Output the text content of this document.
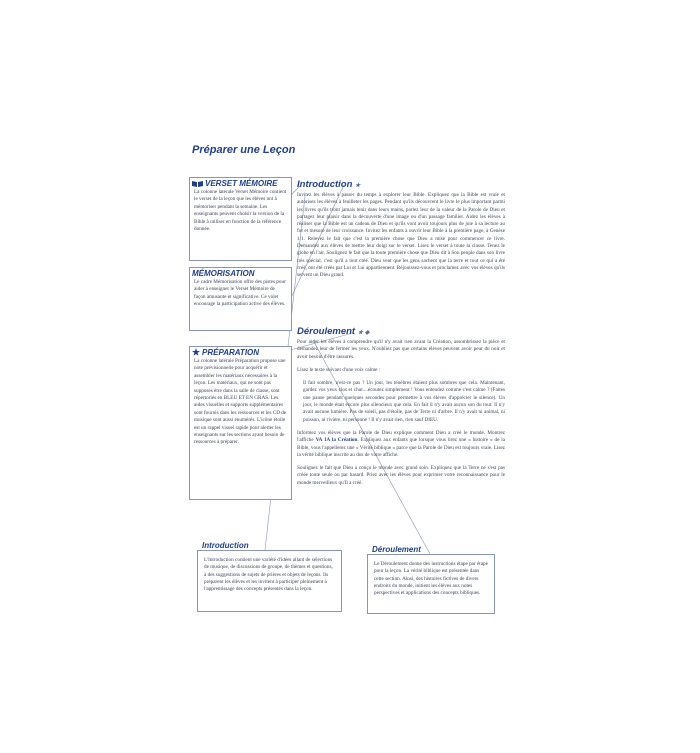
Préparer une Leçon
VERSET MÉMOIRE
La colonne latérale Verset Mémoire contient le verset de la leçon que les élèves ont à mémoriser pendant la semaine. Les enseignants peuvent choisir la version de la Bible à utiliser en fonction de la référence donnée.
MÉMORISATION
Le cadre Mémorisation offre des pistes pour aider à enseigner le Verset Mémoire de façon amusante et significative. Ce volet encourage la participation active des élèves.
PRÉPARATION
La colonne latérale Préparation propose une note prévisionnelle pour acquérir et assembler les matériaux nécessaires à la leçon. Les matériaux, qui ne sont pas supposés être dans la salle de classe, sont répertoriés en BLEU ET EN GRAS. Les aides visuelles et supports supplémentaires sont fournis dans les ressources et les CD de musique sont aussi énumérés. L'icône étoile est un rappel visuel rapide pour alerter les enseignants sur les sections ayant besoin de ressources à préparer.
Introduction ★
Invitez les élèves à passer du temps à explorer leur Bible. Expliquez que la Bible est vraie et autorisez les élèves à feuilleter les pages. Pendant qu'ils découvrent le livre le plus important parmi les livres qu'ils tront jamais tenir dans leurs mains, parlez leur de la valeur de la Parole de Dieu et partagez leur plaisir dans la découverte d'une image ou d'un passage familier. Aidez les élèves à réaliser que la Bible est un cadeau de Dieu et qu'ils vont avoir toujours plus de joie à sa lecture au fur et mesure de leur croissance. Invitez les enfants à ouvrir leur Bible à la première page, à Genèse 1:1. Relevez le fait que c'est la première chose que Dieu a mise pour commencer ce livre. Demandez aux élèves de mettre leur doigt sur le verset. Lisez le verset à toute la classe. Tenez le globe en l'air. Soulignez le fait que la toute première chose que Dieu dit à Son peuple dans son livre très spécial, c'est qu'il a tout créé. Dieu veut que les gens sachent que la terre et tout ce qui a été créé, ont été créés par Lui et Lui appartiennent. Réjouissez-vous et proclamez avec vos élèves qu'ils servent un Dieu grand.
Déroulement ★ ◆

Pour aider les élèves à comprendre qu'il n'y avait rien avant la Création, assombrissez la pièce et demandez leur de fermer les yeux. N'oubliez pas que certains élèves peuvent avoir peur du noir et avoir besoin d'être rassurés.

Lisez le texte suivant d'une voix calme :

Il fait sombre, n'est-ce pas ? Un jour, les ténèbres étaient plus sombres que cela. Maintenant, gardez vos yeux clos et chut....écoutez simplement ! Vous entendez comme c'est calme ? (Faites une pause pendant quelques secondes pour permettre à vos élèves d'apprécier le silence). Un jour, le monde était encore plus silencieux que cela. En fait il n'y avait aucun son du tout. Il n'y avait aucune lumière. Pas de soleil, pas d'étoile, pas de Terre ni d'arbre. Il n'y avait ni animal, ni poisson, ni rivière, ni personne ! Il n'y avait rien, rien sauf DIEU.

Informez vos élèves que la Parole de Dieu explique comment Dieu a créé le monde. Montrez l'affiche VA 1A la Création. Expliquez aux enfants que lorsque vous lirez une « histoire » de la Bible, vous l'appellerez une « Vérité biblique » parce que la Parole de Dieu est toujours vraie. Lisez la vérité biblique inscrite au dos de votre affiche.

Soulignez le fait que Dieu a conçu le monde avec grand soin. Expliquez que la Terre ne s'est pas créée toute seule ou par hasard. Priez avec les élèves pour exprimer votre reconnaissance pour le monde merveilleux qu'Il a créé.

Introduction
L'Introduction contient une variété d'idées allant de sélections de musique, de discussions de groupe, de thèmes et questions, à des suggestions de sujets de prières et objets de leçons. Ils préparent les élèves et les invitent à participer pleinement à l'apprentissage des concepts présentés dans la leçon.
Déroulement
Le Déroulement donne des instructions étape par étape pour la leçon. La vérité biblique est présentée dans cette section. Ainsi, des histoires fictives de divers endroits du monde, initient les élèves aux notes perspectives et applications des concepts bibliques.
